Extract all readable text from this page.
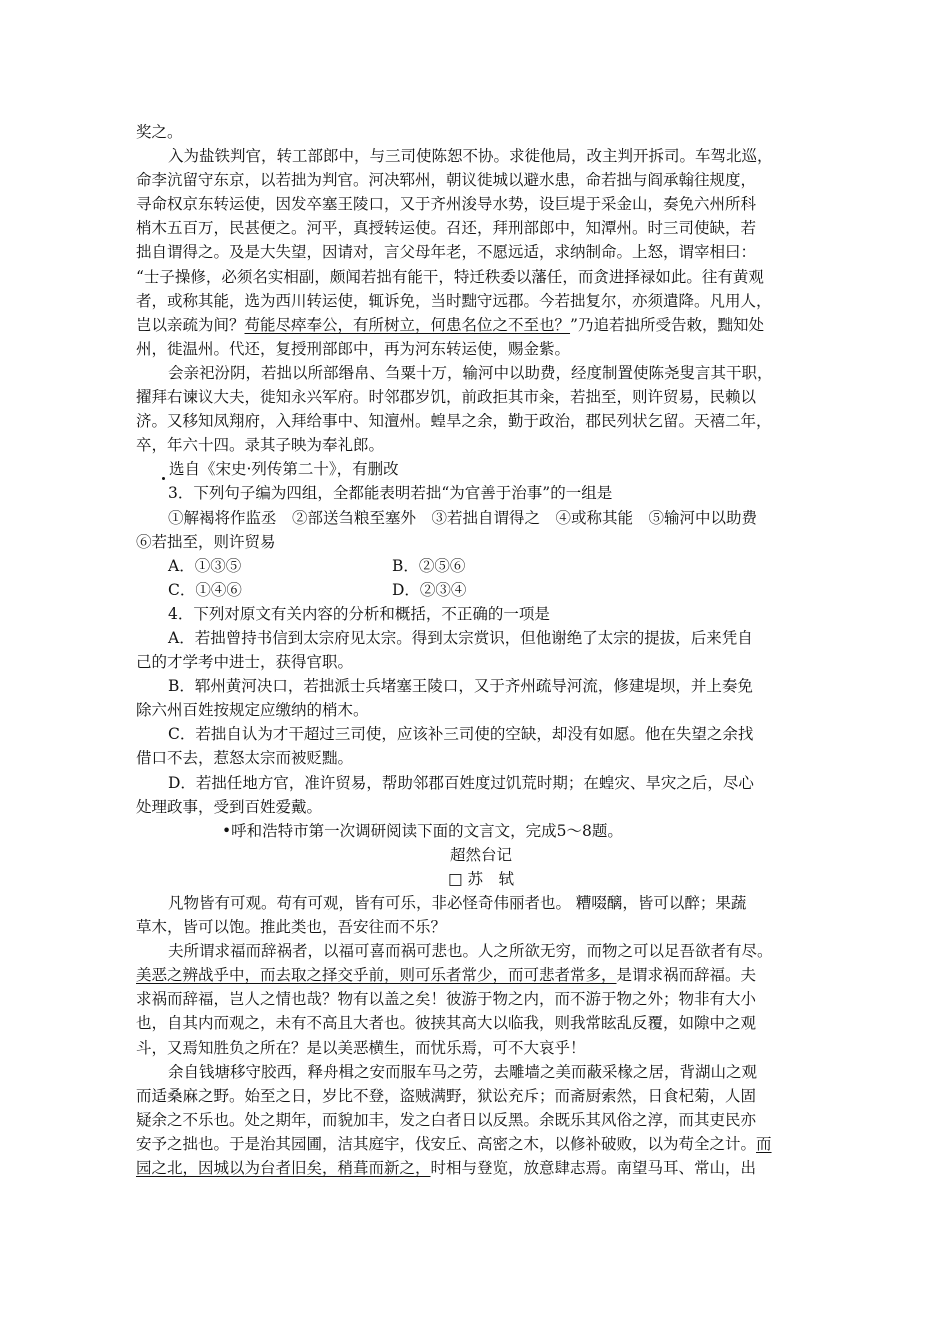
奖之。
入为盐铁判官，转工部郎中，与三司使陈恕不协。求徙他局，改主判开拆司。车驾北巡，
命李沆留守东京，以若拙为判官。河决郓州，朝议徙城以避水患，命若拙与阎承翰往规度，
寻命权京东转运使，因发卒塞王陵口，又于齐州浚导水势，设巨堤于采金山，奏免六州所科
梢木五百万，民甚便之。河平，真授转运使。召还，拜刑部郎中，知潭州。时三司使缺，若
拙自谓得之。及是大失望，因请对，言父母年老，不愿远适，求纳制命。上怒，谓宰相曰：
“士子操修，必须名实相副，颇闻若拙有能干，特迁秩委以藩任，而贪进择禄如此。往有黄观
者，或称其能，选为西川转运使，辄诉免，当时黜守远郡。今若拙复尔，亦须遣降。凡用人，
岂以亲疏为间？苟能尽瘁奉公，有所树立，何患名位之不至也？”乃追若拙所受告敕，黜知处
州，徙温州。代还，复授刑部郎中，再为河东转运使，赐金紫。
会亲祀汾阴，若拙以所部缗帛、刍粟十万，输河中以助费，经度制置使陈尧叟言其干职，
擢拜右谏议大夫，徙知永兴军府。时邻郡岁饥，前政拒其市籴，若拙至，则许贸易，民赖以
济。又移知凤翔府，入拜给事中、知澶州。蝗旱之余，勤于政治，郡民列状乞留。天禧二年，
卒，年六十四。录其子映为奉礼郎。
选自《宋史·列传第二十》，有删改
3．下列句子编为四组，全都能表明若拙“为官善于治事”的一组是
①解褐将作监丞　②部送刍粮至塞外　③若拙自谓得之　④或称其能　⑤输河中以助费
⑥若拙至，则许贸易
A．①③⑤	B．②⑤⑥
C．①④⑥	D．②③④
4．下列对原文有关内容的分析和概括，不正确的一项是
A．若拙曾持书信到太宗府见太宗。得到太宗赏识，但他谢绝了太宗的提拔，后来凭自
己的才学考中进士，获得官职。
B．郓州黄河决口，若拙派士兵堵塞王陵口，又于齐州疏导河流，修建堤坝，并上奏免
除六州百姓按规定应缴纳的梢木。
C．若拙自认为才干超过三司使，应该补三司使的空缺，却没有如愿。他在失望之余找
借口不去，惹怒太宗而被贬黜。
D．若拙任地方官，准许贸易，帮助邻郡百姓度过饥荒时期；在蝗灾、旱灾之后，尽心
处理政事，受到百姓爱戴。
•呼和浩特市第一次调研阅读下面的文言文，完成5～8题。
超然台记
□ 苏　轼
凡物皆有可观。苟有可观，皆有可乐，非必怪奇伟丽者也。 糟啜醨，皆可以醉；果蔬
草木，皆可以饱。推此类也，吾安往而不乐？
夫所谓求福而辞祸者，以福可喜而祸可悲也。人之所欲无穷，而物之可以足吾欲者有尽。
美恶之辨战乎中，而去取之择交乎前，则可乐者常少，而可悲者常多，是谓求祸而辞福。夫
求祸而辞福，岂人之情也哉？物有以盖之矣！彼游于物之内，而不游于物之外；物非有大小
也，自其内而观之，未有不高且大者也。彼挟其高大以临我，则我常眩乱反覆，如隙中之观
斗，又焉知胜负之所在？是以美恶横生，而忧乐焉，可不大哀乎！
余自钱塘移守胶西，释舟楫之安而服车马之劳，去雕墙之美而蔽采椽之居，背湖山之观
而适桑麻之野。始至之日，岁比不登，盗贼满野，狱讼充斥；而斋厨索然，日食杞菊，人固
疑余之不乐也。处之期年，而貌加丰，发之白者日以反黑。余既乐其风俗之淳，而其吏民亦
安予之拙也。于是治其园圃，洁其庭宇，伐安丘、高密之木，以修补破败，以为苟全之计。而
园之北，因城以为台者旧矣，稍葺而新之，时相与登览，放意肆志焉。南望马耳、常山，出
